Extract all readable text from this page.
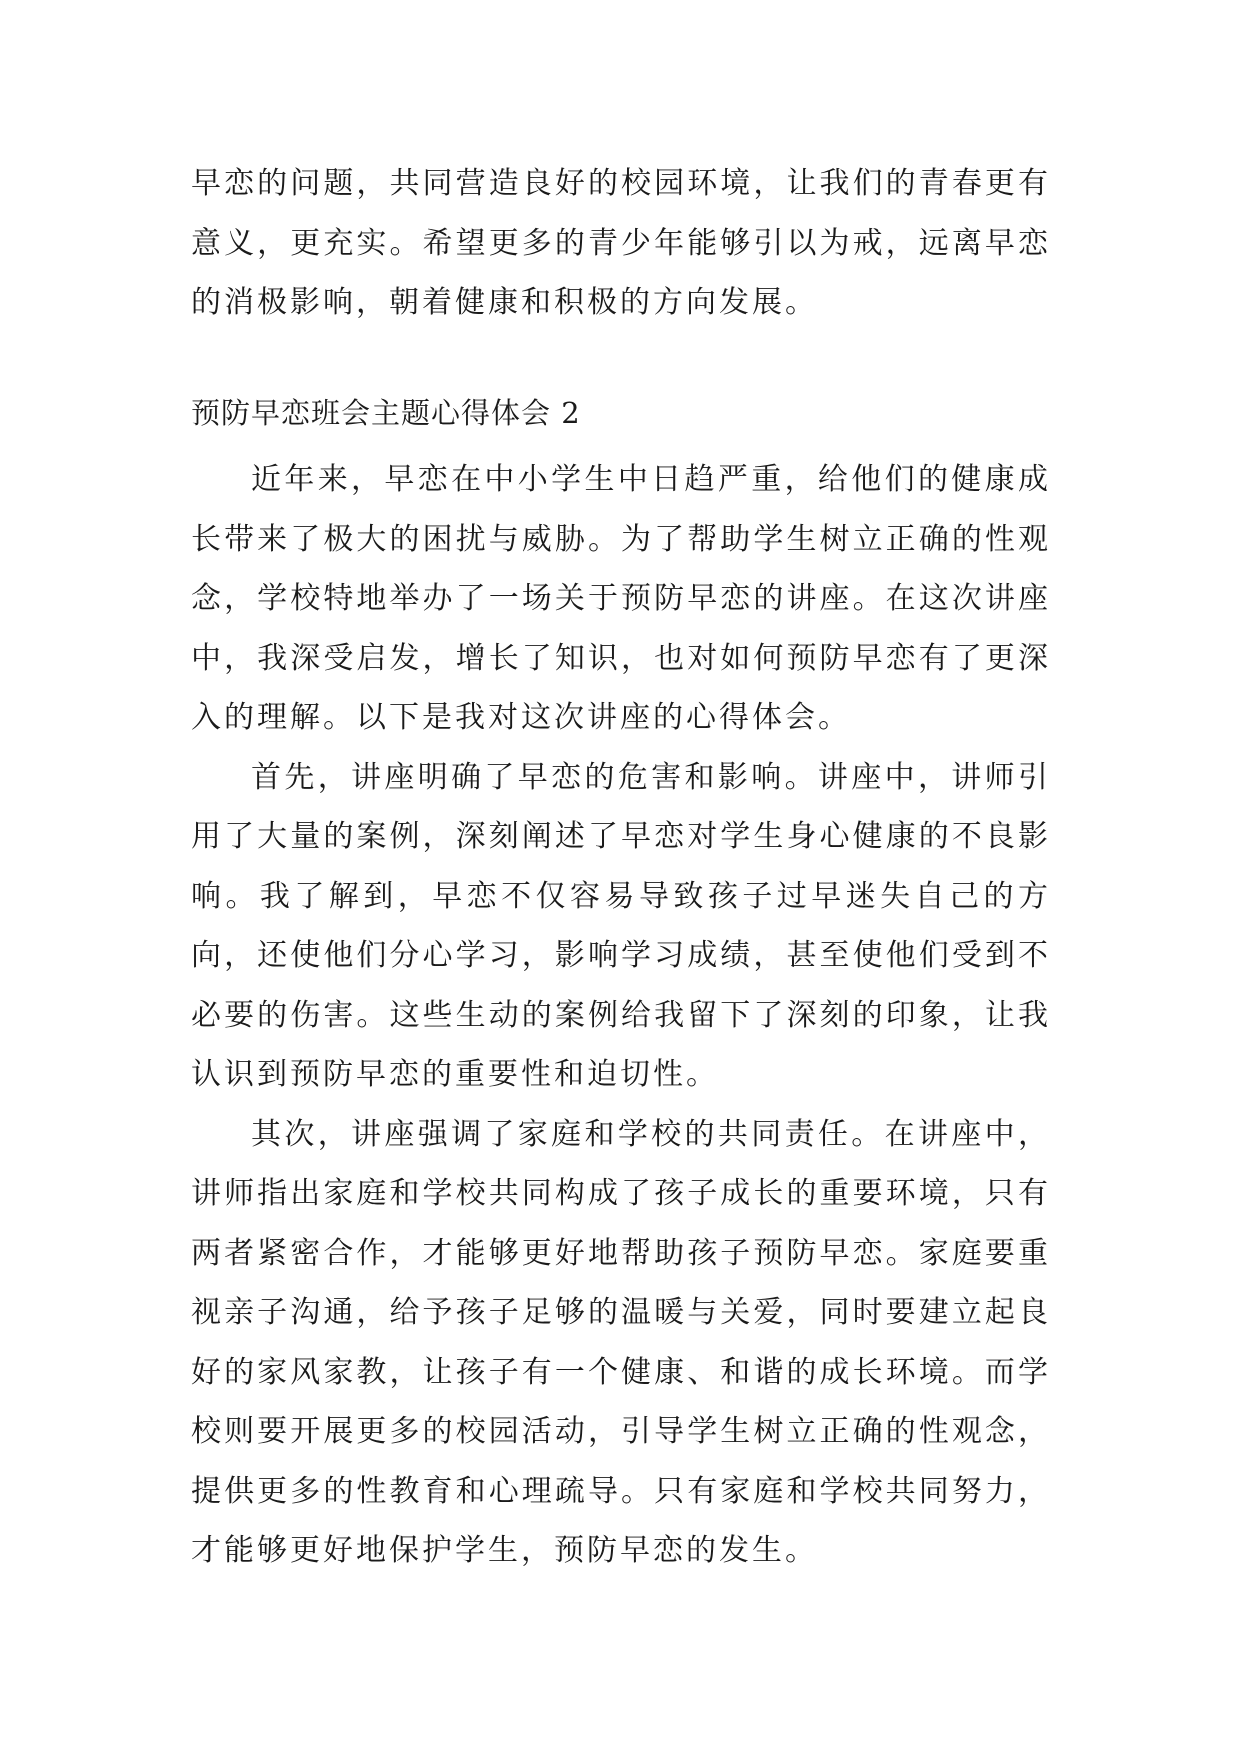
早恋的问题，共同营造良好的校园环境，让我们的青春更有意义，更充实。希望更多的青少年能够引以为戒，远离早恋的消极影响，朝着健康和积极的方向发展。

预防早恋班会主题心得体会 2

近年来，早恋在中小学生中日趋严重，给他们的健康成长带来了极大的困扰与威胁。为了帮助学生树立正确的性观念，学校特地举办了一场关于预防早恋的讲座。在这次讲座中，我深受启发，增长了知识，也对如何预防早恋有了更深入的理解。以下是我对这次讲座的心得体会。

首先，讲座明确了早恋的危害和影响。讲座中，讲师引用了大量的案例，深刻阐述了早恋对学生身心健康的不良影响。我了解到，早恋不仅容易导致孩子过早迷失自己的方向，还使他们分心学习，影响学习成绩，甚至使他们受到不必要的伤害。这些生动的案例给我留下了深刻的印象，让我认识到预防早恋的重要性和迫切性。

其次，讲座强调了家庭和学校的共同责任。在讲座中，讲师指出家庭和学校共同构成了孩子成长的重要环境，只有两者紧密合作，才能够更好地帮助孩子预防早恋。家庭要重视亲子沟通，给予孩子足够的温暖与关爱，同时要建立起良好的家风家教，让孩子有一个健康、和谐的成长环境。而学校则要开展更多的校园活动，引导学生树立正确的性观念，提供更多的性教育和心理疏导。只有家庭和学校共同努力，才能够更好地保护学生，预防早恋的发生。
